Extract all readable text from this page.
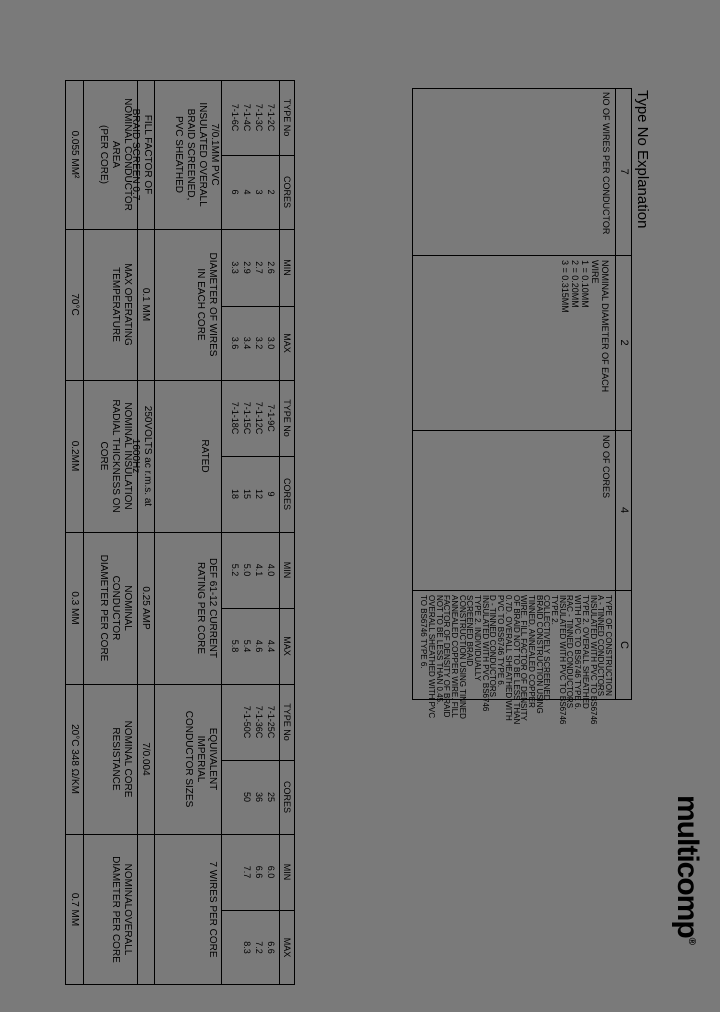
multicomp®
Type No Explanation
7
2
4
C
NO OF WIRES PER CONDUCTOR
NOMINAL DIAMETER OF EACH
WIRE
1 = 0.10MM
2 = 0.20MM
3 = 0.315MM
NO OF CORES
TYPE OF CONSTRUCTION
A - TINNED CONDUCTORS
INSULATED WITH PVC TO BS6746
TYPE 2. OVERALL SHEATHED
WITH PVC TO BS6746 TYPE 6.
RAC - TINNED CONDUCTORS
INSULATED WITH PVC TO BS6746
TYPE 2.
COLLECTIVELY SCREENED
BRAID CONSTRUCTION USING
TINNED, ANNEALED COPPER
WIRE. FILL FACTOR OF DENSITY
OF BRAID NOT TO BE LESS THAN
0.7D. OVERALL SHEATHED WITH
PVC TO BS6746 TYPE 6.
D - TINNED CONDUCTORS
INSULATED WITH PVC BS6746
TYPE 2. INDIVIDUALLY
SCREENED BRAID
CONSTRUCTION USING TINNED
ANNEALED COPPER WIRE. FILL
FACTOR OF DENSITY OF BRAID
NOT TO BE LESS THAN 0.45.
OVERALL SHEATHED WITH PVC
TO BS6746 TYPE 6.
TYPE No
CORES
MIN
MAX
TYPE No
CORES
MIN
MAX
TYPE No
CORES
MIN
MAX
7-1-2C
2
2.6
3.0
7-1-3C
3
2.7
3.2
7-1-4C
4
2.9
3.4
7-1-6C
6
3.3
3.6
7-1-9C
9
4.0
4.4
7-1-12C
12
4.1
4.6
7-1-15C
15
5.0
5.4
7-1-18C
18
5.2
5.8
7-1-25C
25
6.0
6.6
7-1-36C
36
6.6
7.2
7-1-50C
50
7.7
8.3
7/0.1MM PVC
INSULATED OVERALL
BRAID SCREENED,
PVC SHEATHED
DIAMETER OF WIRES
IN EACH CORE
RATED
DEF 61-12 CURRENT
RATING PER CORE
EQUIVALENT
IMPERIAL
CONDUCTOR SIZES
7 WIRES PER CORE
FILL FACTOR OF
BRAID SCREEN 0.7
0.1 MM
250VOLTS ac r.m.s. at
1600Hz
0.25 AMP
7/0.004
NOMINAL CONDUCTOR
AREA
(PER CORE)
MAX OPERATING
TEMPERATURE
NOMINAL INSULATION
RADIAL THICKNESS ON
CORE
NOMINAL
CONDUCTOR
DIAMETER PER CORE
NOMINAL CORE
RESISTANCE
NOMINALOVERALL
DIAMETER PER CORE
0.055 MM²
70°C
0.2MM
0.3 MM
20°C 348 Ω/KM
0.7 MM
